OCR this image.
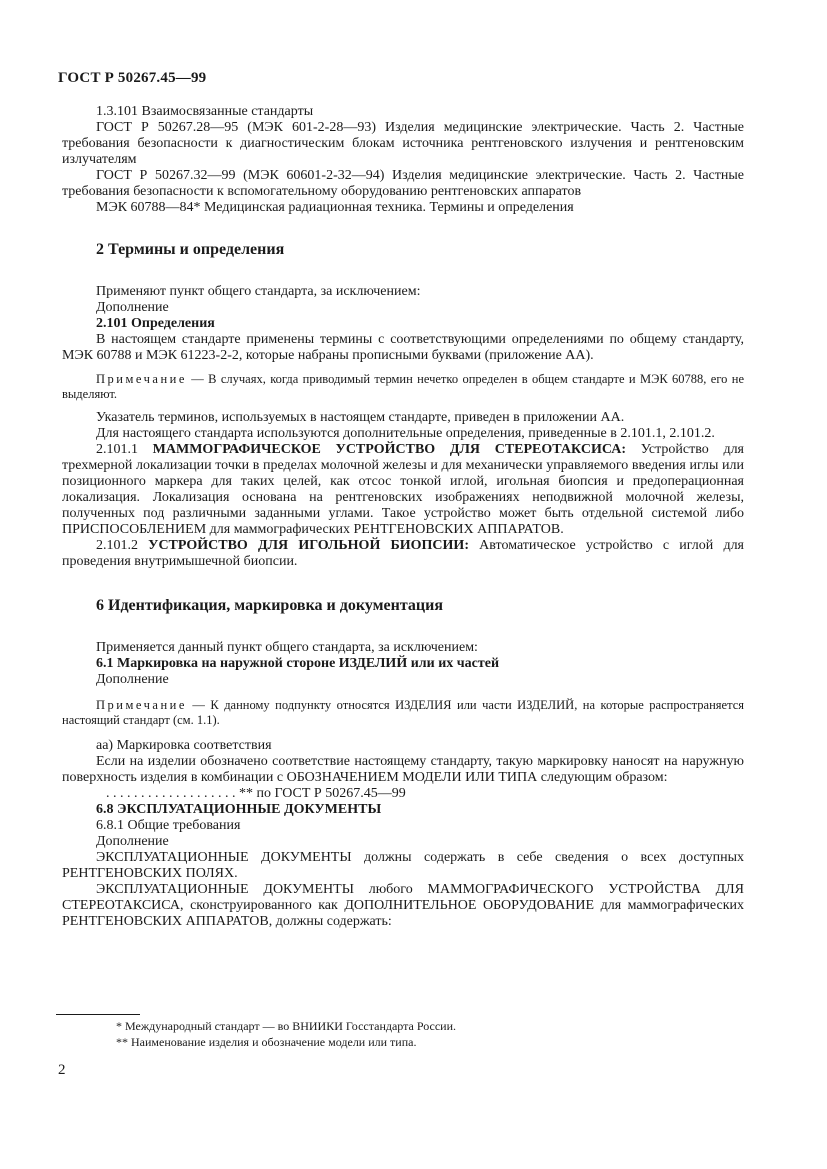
ГОСТ Р 50267.45—99

1.3.101 Взаимосвязанные стандарты

ГОСТ Р 50267.28—95 (МЭК 601-2-28—93) Изделия медицинские электрические. Часть 2. Частные требования безопасности к диагностическим блокам источника рентгеновского излучения и рентгеновским излучателям

ГОСТ Р 50267.32—99 (МЭК 60601-2-32—94) Изделия медицинские электрические. Часть 2. Частные требования безопасности к вспомогательному оборудованию рентгеновских аппаратов

МЭК 60788—84* Медицинская радиационная техника. Термины и определения

2 Термины и определения

Применяют пункт общего стандарта, за исключением:

Дополнение

2.101 Определения

В настоящем стандарте применены термины с соответствующими определениями по общему стандарту, МЭК 60788 и МЭК 61223-2-2, которые набраны прописными буквами (приложение АА).

Примечание — В случаях, когда приводимый термин нечетко определен в общем стандарте и МЭК 60788, его не выделяют.

Указатель терминов, используемых в настоящем стандарте, приведен в приложении АА.

Для настоящего стандарта используются дополнительные определения, приведенные в 2.101.1, 2.101.2.

2.101.1 МАММОГРАФИЧЕСКОЕ УСТРОЙСТВО ДЛЯ СТЕРЕОТАКСИСА: Устройство для трехмерной локализации точки в пределах молочной железы и для механически управляемого введения иглы или позиционного маркера для таких целей, как отсос тонкой иглой, игольная биопсия и предоперационная локализация. Локализация основана на рентгеновских изображениях неподвижной молочной железы, полученных под различными заданными углами. Такое устройство может быть отдельной системой либо ПРИСПОСОБЛЕНИЕМ для маммографических РЕНТГЕНОВСКИХ АППАРАТОВ.

2.101.2 УСТРОЙСТВО ДЛЯ ИГОЛЬНОЙ БИОПСИИ: Автоматическое устройство с иглой для проведения внутримышечной биопсии.

6 Идентификация, маркировка и документация

Применяется данный пункт общего стандарта, за исключением:

6.1 Маркировка на наружной стороне ИЗДЕЛИЙ или их частей

Дополнение

Примечание — К данному подпункту относятся ИЗДЕЛИЯ или части ИЗДЕЛИЙ, на которые распространяется настоящий стандарт (см. 1.1).

аа) Маркировка соответствия

Если на изделии обозначено соответствие настоящему стандарту, такую маркировку наносят на наружную поверхность изделия в комбинации с ОБОЗНАЧЕНИЕМ МОДЕЛИ ИЛИ ТИПА следующим образом:

. . . . . . . . . . . . . . . . . . . ** по ГОСТ Р 50267.45—99

6.8 ЭКСПЛУАТАЦИОННЫЕ ДОКУМЕНТЫ

6.8.1 Общие требования

Дополнение

ЭКСПЛУАТАЦИОННЫЕ ДОКУМЕНТЫ должны содержать в себе сведения о всех доступных РЕНТГЕНОВСКИХ ПОЛЯХ.

ЭКСПЛУАТАЦИОННЫЕ ДОКУМЕНТЫ любого МАММОГРАФИЧЕСКОГО УСТРОЙСТВА ДЛЯ СТЕРЕОТАКСИСА, сконструированного как ДОПОЛНИТЕЛЬНОЕ ОБОРУДОВАНИЕ для маммографических РЕНТГЕНОВСКИХ АППАРАТОВ, должны содержать:

* Международный стандарт — во ВНИИКИ Госстандарта России.
** Наименование изделия и обозначение модели или типа.
2
